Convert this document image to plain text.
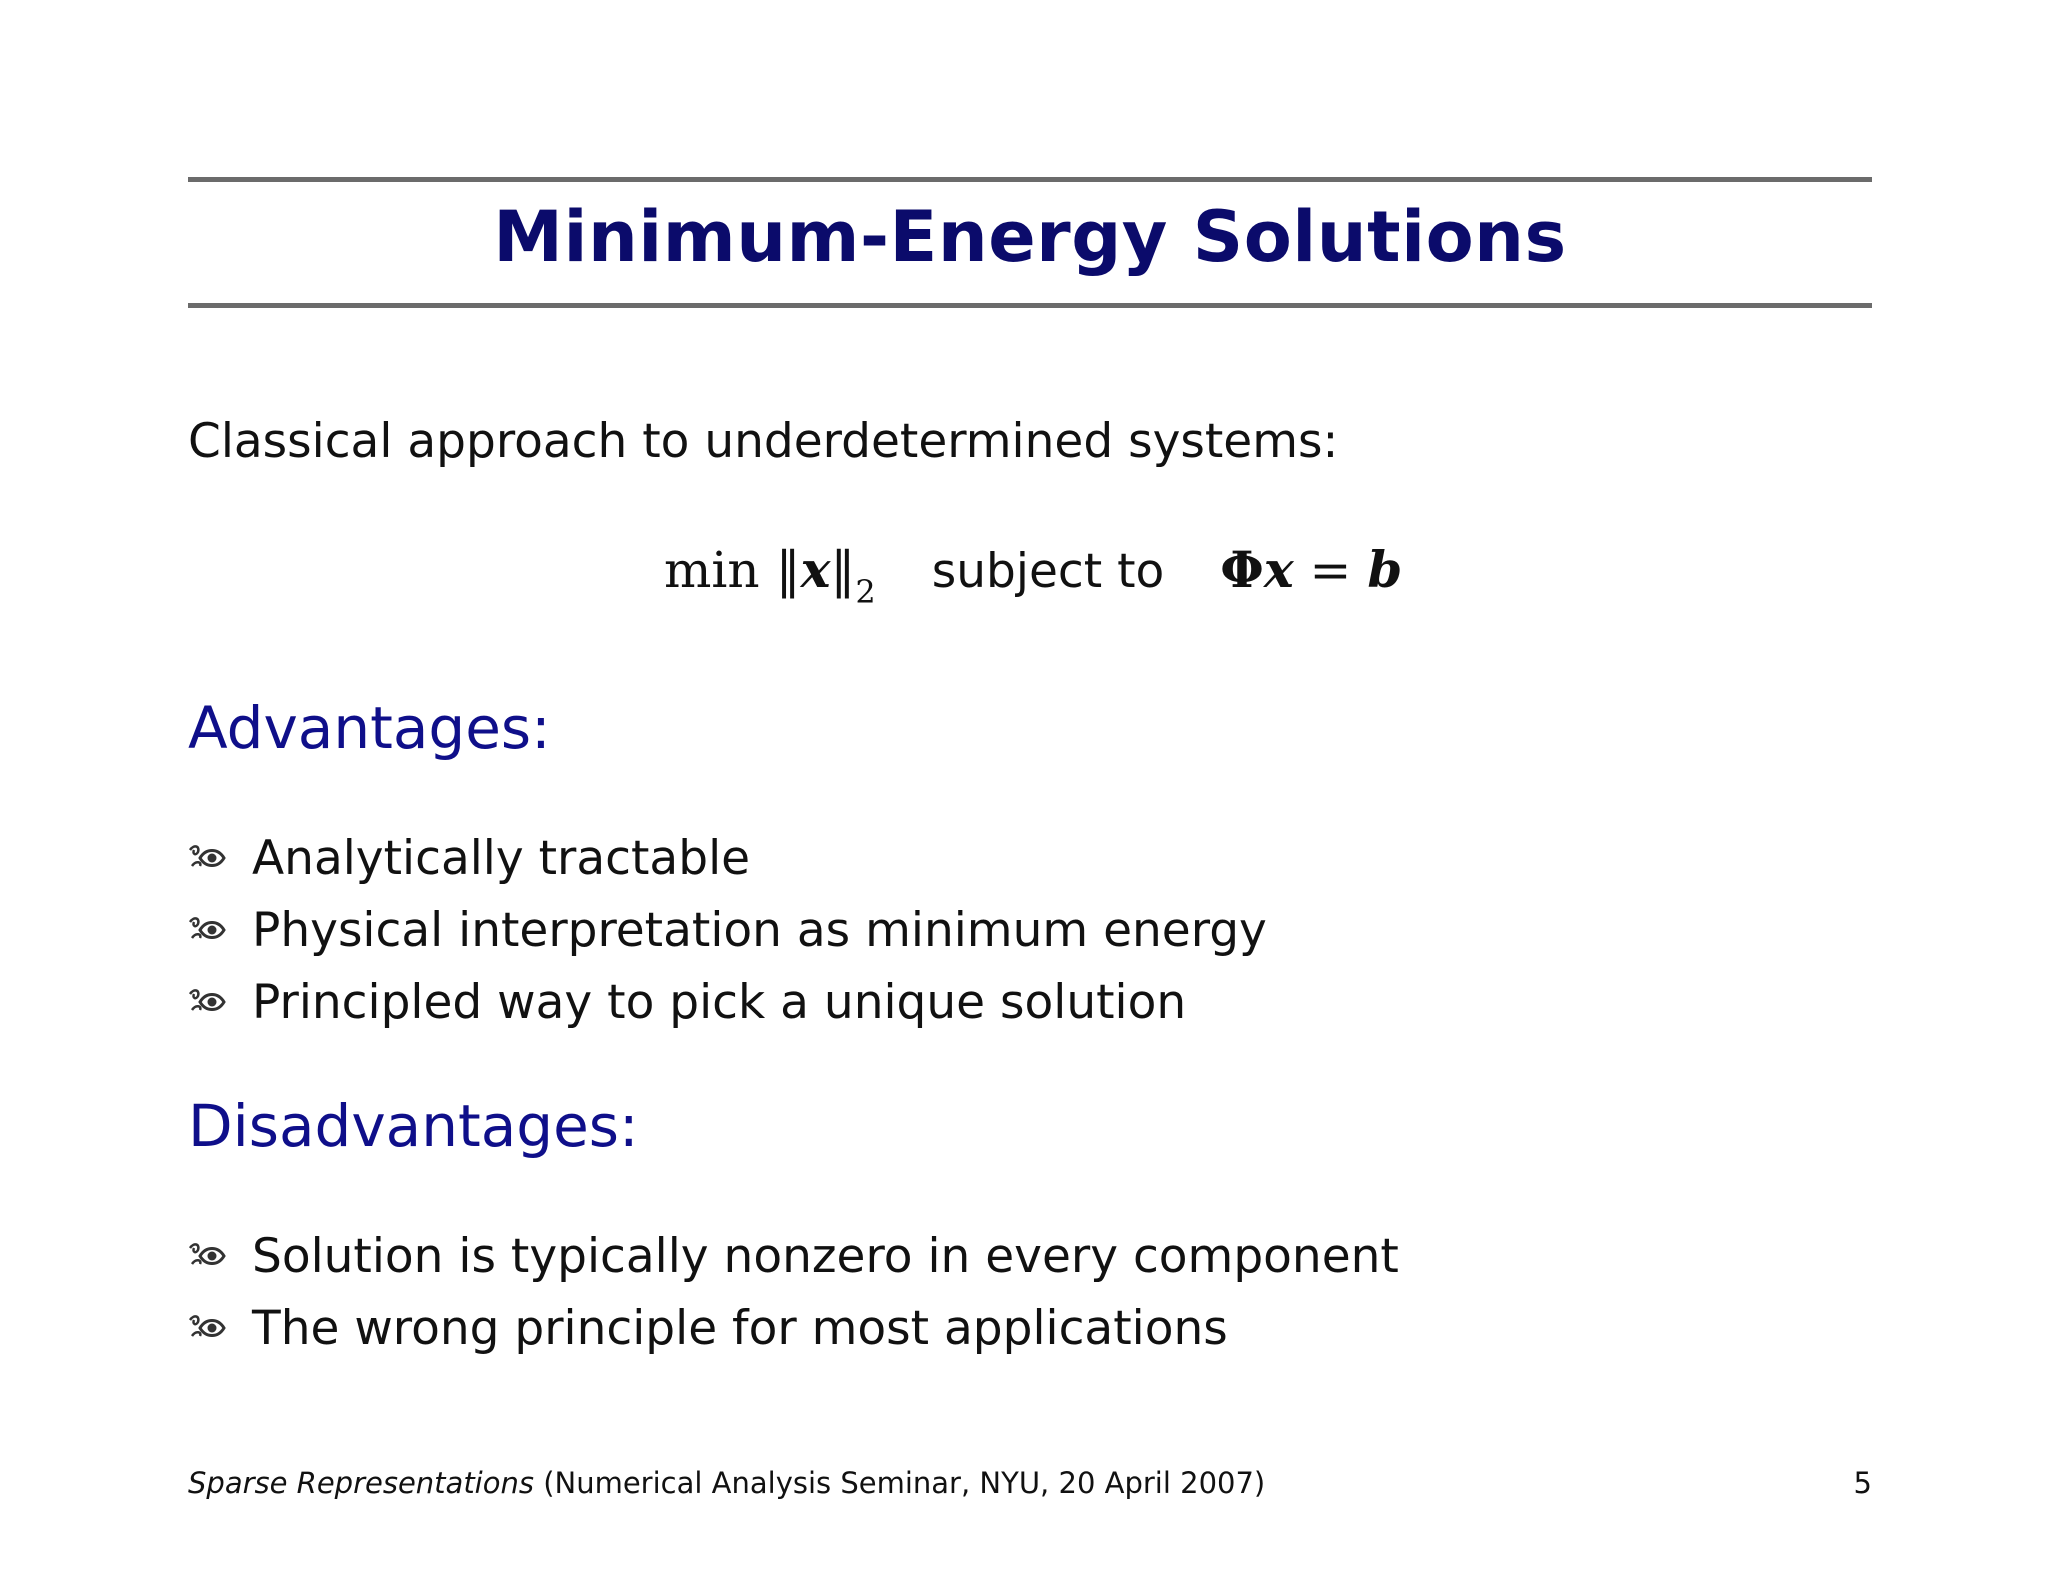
Minimum-Energy Solutions
Classical approach to underdetermined systems:
$\min ‖x‖_2$ subject to Φx = b
Advantages:
Analytically tractable
Physical interpretation as minimum energy
Principled way to pick a unique solution
Disadvantages:
Solution is typically nonzero in every component
The wrong principle for most applications
Sparse Representations (Numerical Analysis Seminar, NYU, 20 April 2007)	5
